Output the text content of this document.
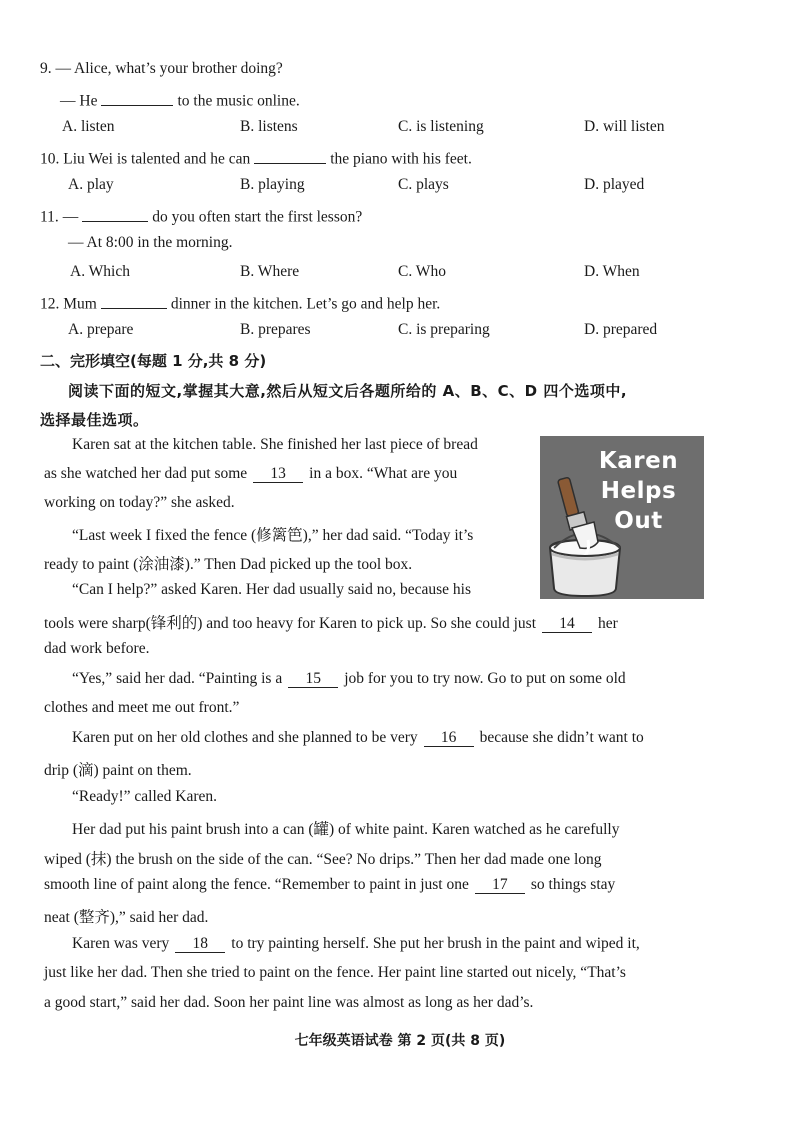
9. — Alice, what’s your brother doing?
— He	to the music online.
A. listen	B. listens	C. is listening	D. will listen
10. Liu Wei is talented and he can	the piano with his feet.
A. play	B. playing	C. plays	D. played
11. —	do you often start the first lesson?
— At 8:00 in the morning.
A. Which	B. Where	C. Who	D. When
12. Mum	dinner in the kitchen. Let’s go and help her.
A. prepare	B. prepares	C. is preparing	D. prepared
二、完形填空(每题 1 分,共 8 分)
阅读下面的短文,掌握其大意,然后从短文后各题所给的 A、B、C、D 四个选项中,
选择最佳选项。
Karen
Helps
Out
Karen sat at the kitchen table. She finished her last piece of bread
as she watched her dad put some 13 in a box. “What are you
working on today?” she asked.
“Last week I fixed the fence (修篱笆),” her dad said. “Today it’s
ready to paint (涂油漆).” Then Dad picked up the tool box.
“Can I help?” asked Karen. Her dad usually said no, because his
tools were sharp(锋利的) and too heavy for Karen to pick up. So she could just 14 her
dad work before.
“Yes,” said her dad. “Painting is a 15 job for you to try now. Go to put on some old
clothes and meet me out front.”
Karen put on her old clothes and she planned to be very 16 because she didn’t want to
drip (滴) paint on them.
“Ready!” called Karen.
Her dad put his paint brush into a can (罐) of white paint. Karen watched as he carefully
wiped (抹) the brush on the side of the can. “See? No drips.” Then her dad made one long
smooth line of paint along the fence. “Remember to paint in just one 17 so things stay
neat (整齐),” said her dad.
Karen was very 18 to try painting herself. She put her brush in the paint and wiped it,
just like her dad. Then she tried to paint on the fence. Her paint line started out nicely, “That’s
a good start,” said her dad. Soon her paint line was almost as long as her dad’s.
七年级英语试卷 第 2 页(共 8 页)
